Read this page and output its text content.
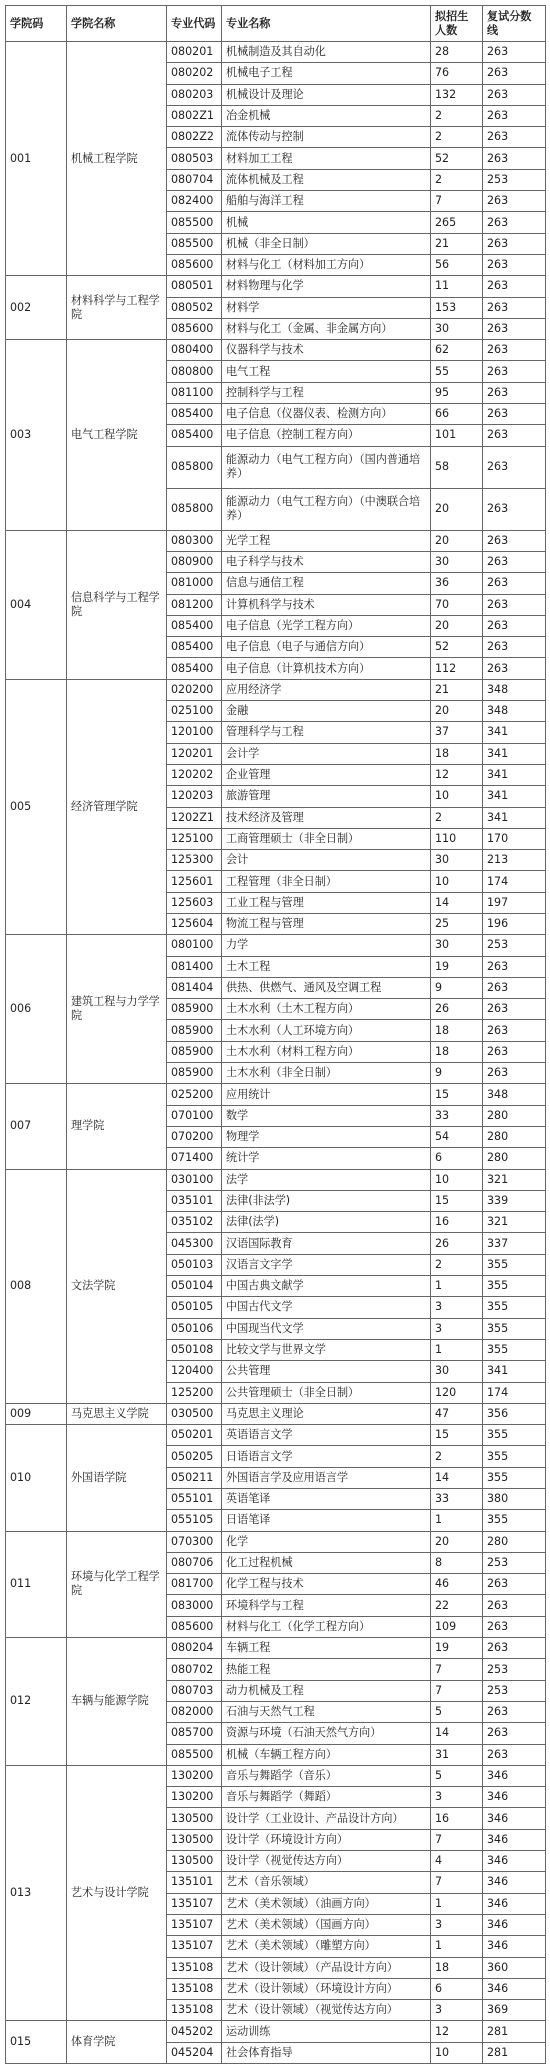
学院码	学院名称	专业代码	专业名称	拟招生人数	复试分数线
001	机械工程学院	080201	机械制造及其自动化	28	263
		080202	机械电子工程	76	263
		080203	机械设计及理论	132	263
		0802Z1	冶金机械	2	263
		0802Z2	流体传动与控制	2	263
		080503	材料加工工程	52	263
		080704	流体机械及工程	2	253
		082400	船舶与海洋工程	7	263
		085500	机械	265	263
		085500	机械（非全日制）	21	263
		085600	材料与化工（材料加工方向）	56	263
002	材料科学与工程学院	080501	材料物理与化学	11	263
		080502	材料学	153	263
		085600	材料与化工（金属、非金属方向）	30	263
003	电气工程学院	080400	仪器科学与技术	62	263
		080800	电气工程	55	263
		081100	控制科学与工程	95	263
		085400	电子信息（仪器仪表、检测方向）	66	263
		085400	电子信息（控制工程方向）	101	263
		085800	能源动力（电气工程方向）（国内普通培养）	58	263
		085800	能源动力（电气工程方向）（中澳联合培养）	20	263
004	信息科学与工程学院	080300	光学工程	20	263
		080900	电子科学与技术	30	263
		081000	信息与通信工程	36	263
		081200	计算机科学与技术	70	263
		085400	电子信息（光学工程方向）	20	263
		085400	电子信息（电子与通信方向）	52	263
		085400	电子信息（计算机技术方向）	112	263
005	经济管理学院	020200	应用经济学	21	348
		025100	金融	20	348
		120100	管理科学与工程	37	341
		120201	会计学	18	341
		120202	企业管理	12	341
		120203	旅游管理	10	341
		1202Z1	技术经济及管理	2	341
		125100	工商管理硕士（非全日制）	110	170
		125300	会计	30	213
		125601	工程管理（非全日制）	10	174
		125603	工业工程与管理	14	197
		125604	物流工程与管理	25	196
006	建筑工程与力学学院	080100	力学	30	253
		081400	土木工程	19	263
		081404	供热、供燃气、通风及空调工程	9	263
		085900	土木水利（土木工程方向）	26	263
		085900	土木水利（人工环境方向）	18	263
		085900	土木水利（材料工程方向）	18	263
		085900	土木水利（非全日制）	9	263
007	理学院	025200	应用统计	15	348
		070100	数学	33	280
		070200	物理学	54	280
		071400	统计学	6	280
008	文法学院	030100	法学	10	321
		035101	法律(非法学)	15	339
		035102	法律(法学)	16	321
		045300	汉语国际教育	26	337
		050103	汉语言文字学	2	355
		050104	中国古典文献学	1	355
		050105	中国古代文学	3	355
		050106	中国现当代文学	3	355
		050108	比较文学与世界文学	1	355
		120400	公共管理	30	341
		125200	公共管理硕士（非全日制）	120	174
009	马克思主义学院	030500	马克思主义理论	47	356
010	外国语学院	050201	英语语言文学	15	355
		050205	日语语言文学	2	355
		050211	外国语言学及应用语言学	14	355
		055101	英语笔译	33	380
		055105	日语笔译	1	355
011	环境与化学工程学院	070300	化学	20	280
		080706	化工过程机械	8	253
		081700	化学工程与技术	46	263
		083000	环境科学与工程	22	263
		085600	材料与化工（化学工程方向）	109	263
012	车辆与能源学院	080204	车辆工程	19	263
		080702	热能工程	7	253
		080703	动力机械及工程	7	253
		082000	石油与天然气工程	5	263
		085700	资源与环境（石油天然气方向）	14	263
		085500	机械（车辆工程方向）	31	263
013	艺术与设计学院	130200	音乐与舞蹈学（音乐）	5	346
		130200	音乐与舞蹈学（舞蹈）	3	346
		130500	设计学（工业设计、产品设计方向）	16	346
		130500	设计学（环境设计方向）	7	346
		130500	设计学（视觉传达方向）	4	346
		135101	艺术（音乐领域）	7	346
		135107	艺术（美术领域）（油画方向）	1	346
		135107	艺术（美术领域）（国画方向）	3	346
		135107	艺术（美术领域）（雕塑方向）	1	346
		135108	艺术（设计领域）（产品设计方向）	18	360
		135108	艺术（设计领域）（环境设计方向）	6	346
		135108	艺术（设计领域）（视觉传达方向）	3	369
015	体育学院	045202	运动训练	12	281
		045204	社会体育指导	10	281
